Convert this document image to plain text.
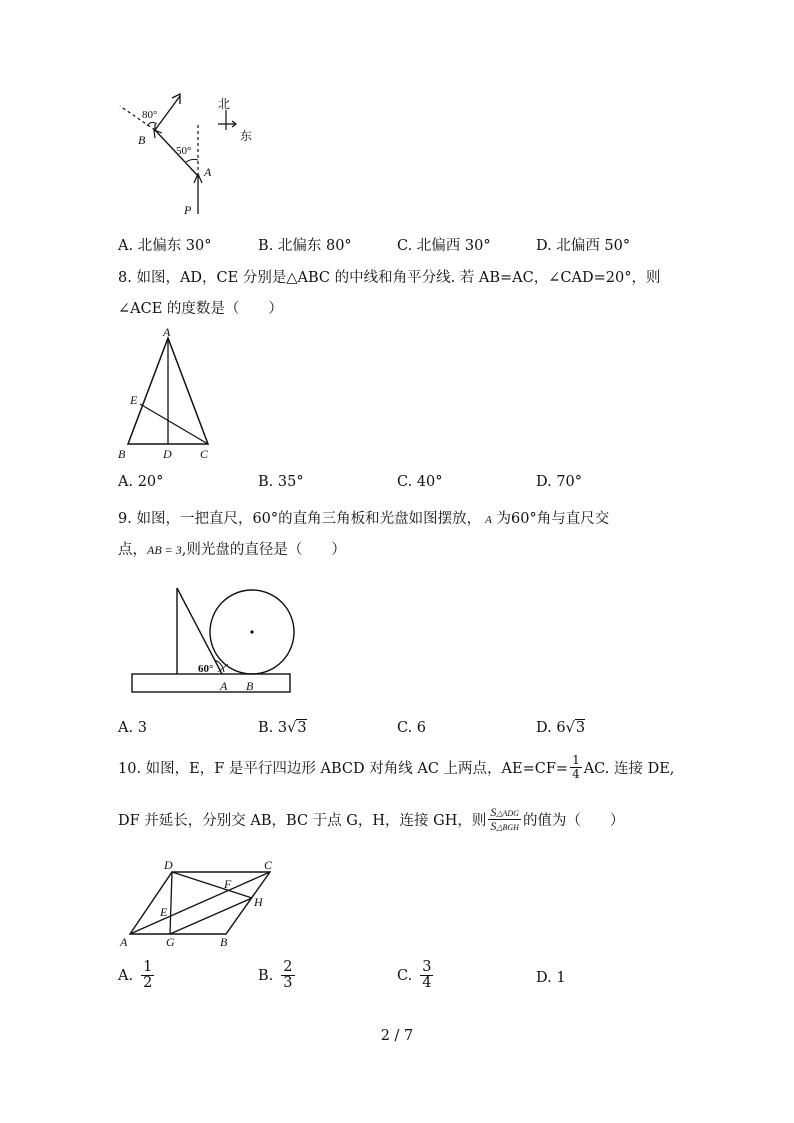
80°
50°
B
A
P
北
东
A. 北偏东 30°	B. 北偏东 80°	C. 北偏西 30°	D. 北偏西 50°
8. 如图，AD，CE 分别是△ABC 的中线和角平分线. 若 AB=AC，∠CAD=20°，则
∠ACE 的度数是（　　）
A
E
B	D C
A. 20°	B. 35°	C. 40°	D. 70°
9. 如图，一把直尺，60°的直角三角板和光盘如图摆放， A 为60°角与直尺交
点，AB = 3,则光盘的直径是（　　）
60°
A B
A. 3	B. 3√3	C. 6	D. 6√3
10. 如图，E，F 是平行四边形 ABCD 对角线 AC 上两点，$AE=CF= \frac{1}{4}$ AC. 连接 DE,
DF 并延长，分别交 AB，BC 于点 G，H，连接 GH，则 $\frac{\text{S△ADG}}{\text{S△BGH}}$ 的值为（　　）
D	C
F
H
E
A	G	B
A. $\frac{1}{2}$	B. $\frac{2}{3}$	C. $\frac{3}{4}$	D. 1
2 / 7
